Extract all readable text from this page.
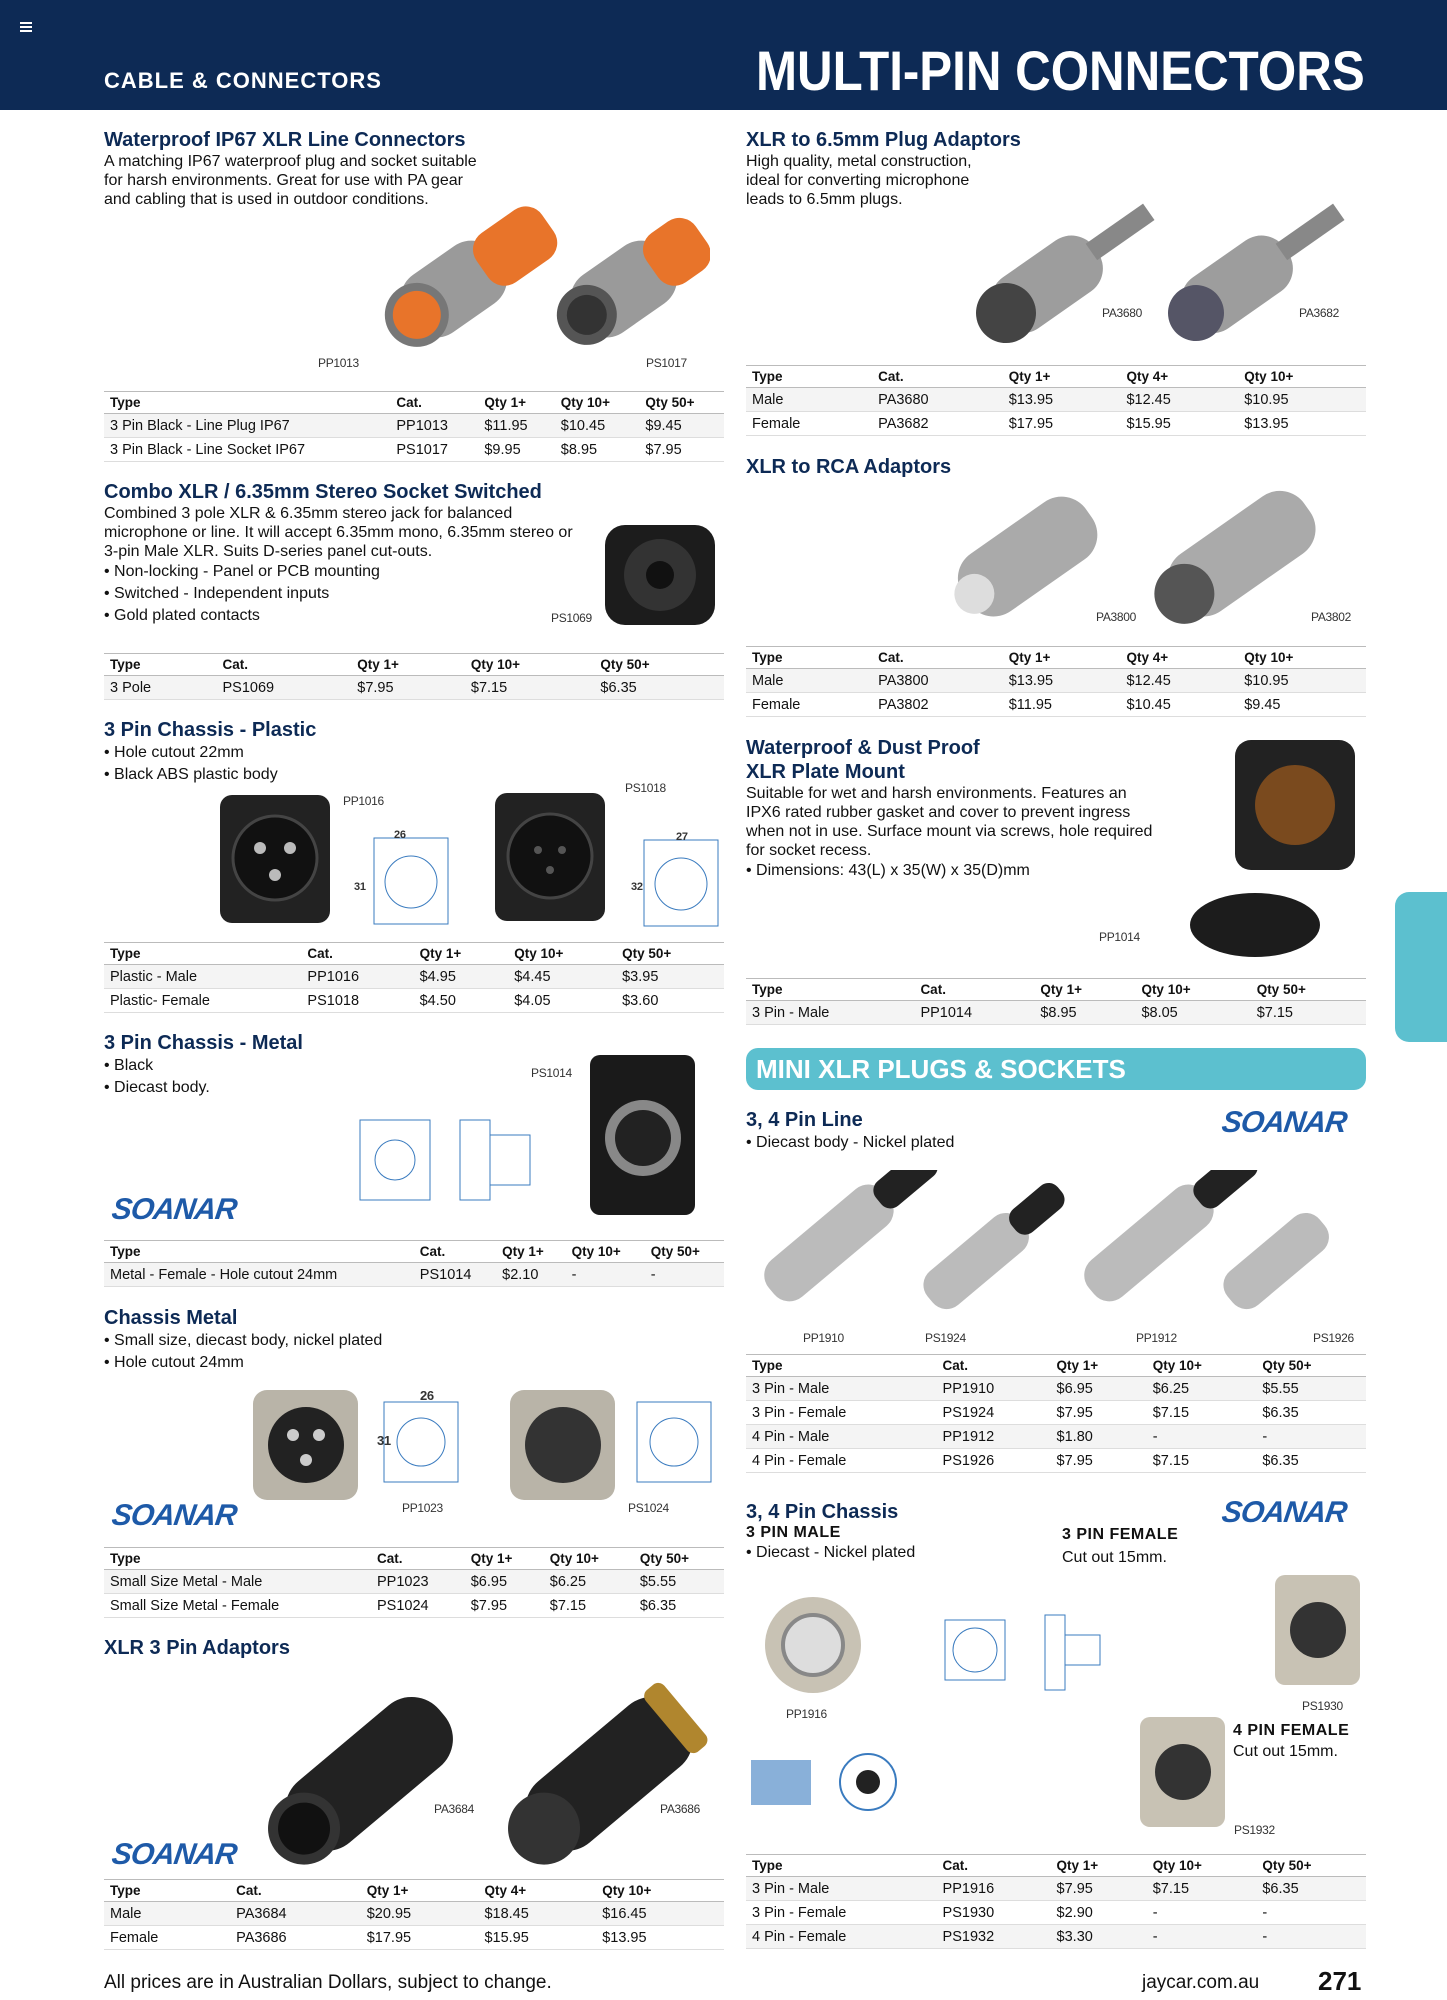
CABLE & CONNECTORS	MULTI-PIN CONNECTORS
Waterproof IP67 XLR Line Connectors

A matching IP67 waterproof plug and socket suitable for harsh environments. Great for use with PA gear and cabling that is used in outdoor conditions.

PP1013	PS1017
Type	Cat.	Qty 1+	Qty 10+	Qty 50+
3 Pin Black - Line Plug IP67	PP1013	$11.95	$10.45	$9.45
3 Pin Black - Line Socket IP67	PS1017	$9.95	$8.95	$7.95
Combo XLR / 6.35mm Stereo Socket Switched

Combined 3 pole XLR & 6.35mm stereo jack for balanced microphone or line. It will accept 6.35mm mono, 6.35mm stereo or 3-pin Male XLR. Suits D-series panel cut-outs.

• Non-locking - Panel or PCB mounting
• Switched - Independent inputs
• Gold plated contacts	PS1069
Type	Cat.	Qty 1+	Qty 10+	Qty 50+
3 Pole	PS1069	$7.95	$7.15	$6.35
3 Pin Chassis - Plastic
• Hole cutout 22mm
• Black ABS plastic body
26
31
27
32
PP1016
PS1018
Type	Cat.	Qty 1+	Qty 10+	Qty 50+
Plastic - Male	PP1016	$4.95	$4.45	$3.95
Plastic- Female	PS1018	$4.50	$4.05	$3.60
3 Pin Chassis - Metal
• Black
• Diecast body.
PS1014
SOANAR
Type	Cat.	Qty 1+	Qty 10+	Qty 50+
Metal - Female - Hole cutout 24mm	PS1014	$2.10	-	-
Chassis Metal
• Small size, diecast body, nickel plated
• Hole cutout 24mm
26
31
PP1023	PS1024
SOANAR
Type	Cat.	Qty 1+	Qty 10+	Qty 50+
Small Size Metal - Male	PP1023	$6.95	$6.25	$5.55
Small Size Metal - Female	PS1024	$7.95	$7.15	$6.35
XLR 3 Pin Adaptors
PA3684	PA3686
SOANAR
Type	Cat.	Qty 1+	Qty 4+	Qty 10+
Male	PA3684	$20.95	$18.45	$16.45
Female	PA3686	$17.95	$15.95	$13.95
XLR to 6.5mm Plug Adaptors

High quality, metal construction, ideal for converting microphone leads to 6.5mm plugs.

PA3680	PA3682
Type	Cat.	Qty 1+	Qty 4+	Qty 10+
Male	PA3680	$13.95	$12.45	$10.95
Female	PA3682	$17.95	$15.95	$13.95
XLR to RCA Adaptors
PA3800	PA3802
Type	Cat.	Qty 1+	Qty 4+	Qty 10+
Male	PA3800	$13.95	$12.45	$10.95
Female	PA3802	$11.95	$10.45	$9.45
Waterproof & Dust Proof
XLR Plate Mount

Suitable for wet and harsh environments. Features an IPX6 rated rubber gasket and cover to prevent ingress when not in use. Surface mount via screws, hole required for socket recess.

• Dimensions: 43(L) x 35(W) x 35(D)mm
PP1014
Type	Cat.	Qty 1+	Qty 10+	Qty 50+
3 Pin - Male	PP1014	$8.95	$8.05	$7.15
MINI XLR PLUGS & SOCKETS
3, 4 Pin Line
• Diecast body - Nickel plated
SOANAR
PP1910	PS1924	PP1912	PS1926
Type	Cat.	Qty 1+	Qty 10+	Qty 50+
3 Pin - Male	PP1910	$6.95	$6.25	$5.55
3 Pin - Female	PS1924	$7.95	$7.15	$6.35
4 Pin - Male	PP1912	$1.80	-	-
4 Pin - Female	PS1926	$7.95	$7.15	$6.35
3, 4 Pin Chassis
3 PIN MALE
• Diecast - Nickel plated
SOANAR
3 PIN FEMALE

Cut out 15mm.

PP1916
PS1930
4 PIN FEMALE

Cut out 15mm.

PS1932
Type	Cat.	Qty 1+	Qty 10+	Qty 50+
3 Pin - Male	PP1916	$7.95	$7.15	$6.35
3 Pin - Female	PS1930	$2.90	-	-
4 Pin - Female	PS1932	$3.30	-	-
All prices are in Australian Dollars, subject to change.	jaycar.com.au 271
